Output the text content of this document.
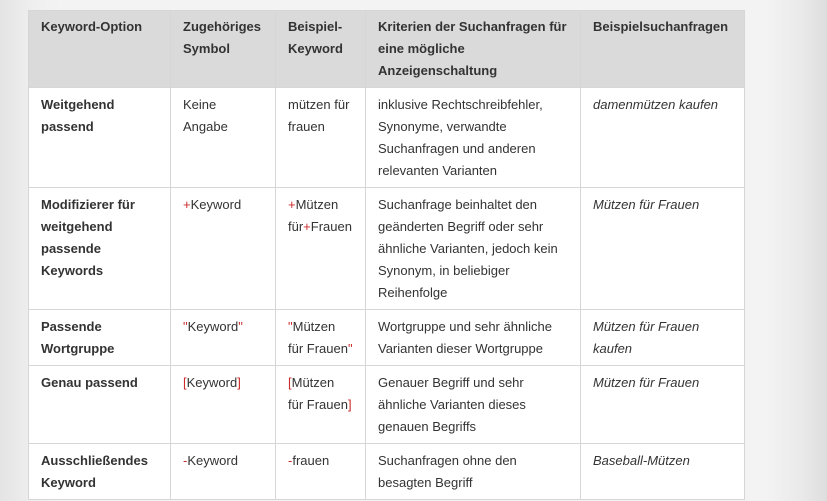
Keyword-Option	Zugehöriges Symbol	Beispiel-Keyword	Kriterien der Suchanfragen für eine mögliche Anzeigenschaltung	Beispielsuchanfragen
Weitgehend passend	Keine Angabe	mützen für frauen	inklusive Rechtschreibfehler, Synonyme, verwandte Suchanfragen und anderen relevanten Varianten	damenmützen kaufen
Modifizierer für weitgehend passende Keywords	+Keyword	+Mützen für+Frauen	Suchanfrage beinhaltet den geänderten Begriff oder sehr ähnliche Varianten, jedoch kein Synonym, in beliebiger Reihenfolge	Mützen für Frauen
Passende Wortgruppe	"Keyword"	"Mützen für Frauen"	Wortgruppe und sehr ähnliche Varianten dieser Wortgruppe	Mützen für Frauen kaufen
Genau passend	[Keyword]	[Mützen für Frauen]	Genauer Begriff und sehr ähnliche Varianten dieses genauen Begriffs	Mützen für Frauen
Ausschließendes Keyword	-Keyword	-frauen	Suchanfragen ohne den besagten Begriff	Baseball-Mützen
